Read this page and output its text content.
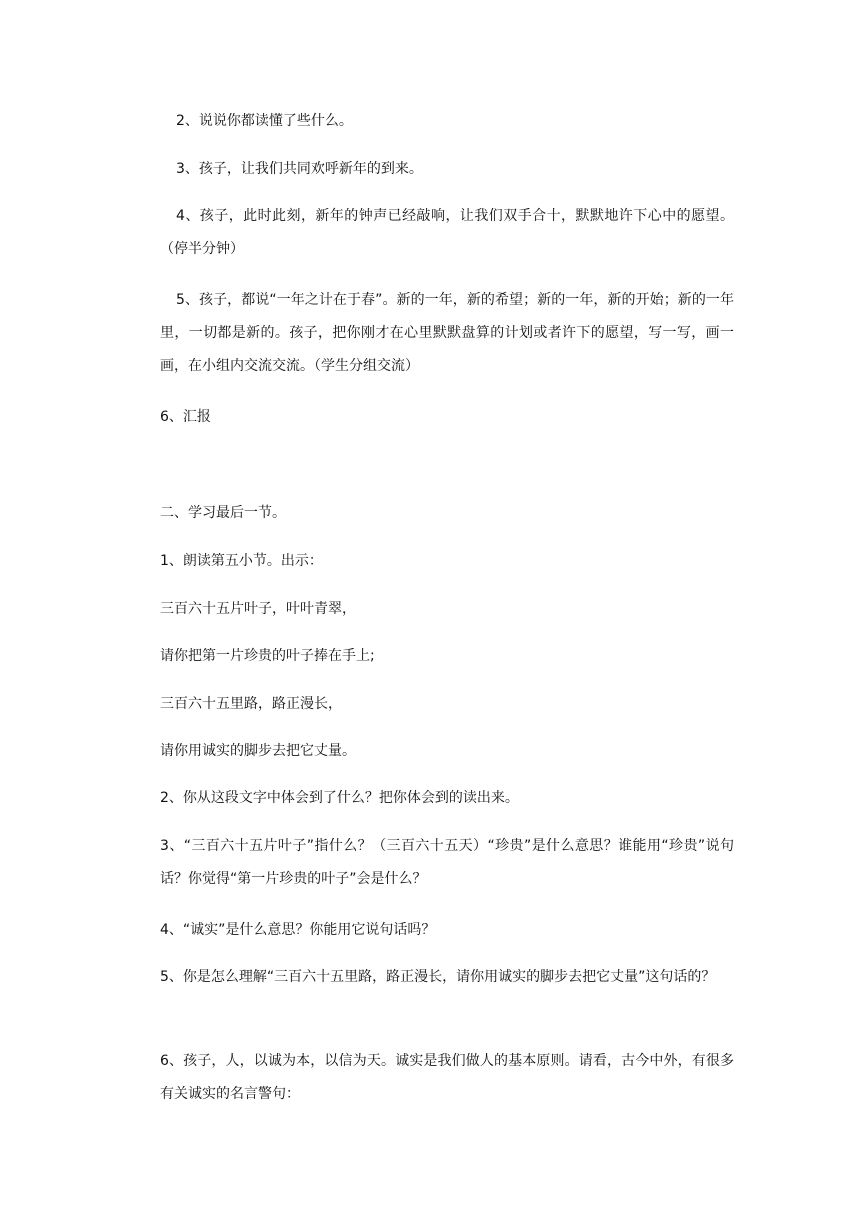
2、说说你都读懂了些什么。
3、孩子，让我们共同欢呼新年的到来。
4、孩子，此时此刻，新年的钟声已经敲响，让我们双手合十，默默地许下心中的愿望。（停半分钟）
5、孩子，都说“一年之计在于春”。新的一年，新的希望；新的一年，新的开始；新的一年里，一切都是新的。孩子，把你刚才在心里默默盘算的计划或者许下的愿望，写一写，画一画，在小组内交流交流。（学生分组交流）
6、汇报
二、学习最后一节。
1、朗读第五小节。出示：
三百六十五片叶子，叶叶青翠，
请你把第一片珍贵的叶子捧在手上;
三百六十五里路，路正漫长，
请你用诚实的脚步去把它丈量。
2、你从这段文字中体会到了什么？把你体会到的读出来。
3、“三百六十五片叶子”指什么？（三百六十五天）“珍贵”是什么意思？谁能用“珍贵”说句话？你觉得“第一片珍贵的叶子”会是什么？
4、“诚实”是什么意思？你能用它说句话吗？
5、你是怎么理解“三百六十五里路，路正漫长，请你用诚实的脚步去把它丈量”这句话的？
6、孩子，人，以诚为本，以信为天。诚实是我们做人的基本原则。请看，古今中外，有很多有关诚实的名言警句：
